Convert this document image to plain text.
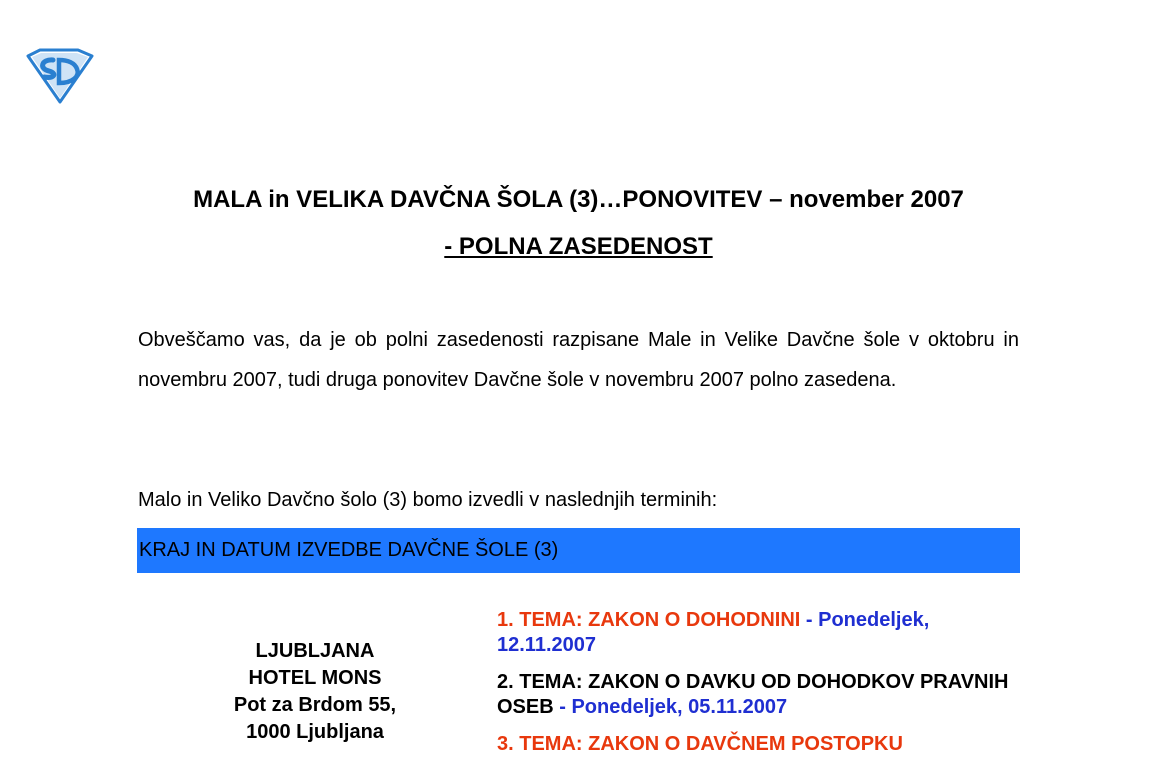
MALA in VELIKA DAVČNA ŠOLA (3)…PONOVITEV – november 2007
- POLNA ZASEDENOST
Obveščamo vas, da je ob polni zasedenosti razpisane Male in Velike Davčne šole v oktobru in novembru 2007, tudi druga ponovitev Davčne šole v novembru 2007 polno zasedena.
Malo in Veliko Davčno šolo (3) bomo izvedli v naslednjih terminih:
KRAJ IN DATUM IZVEDBE DAVČNE ŠOLE (3)
LJUBLJANA
HOTEL MONS
Pot za Brdom 55,
1000 Ljubljana
1. TEMA: ZAKON O DOHODNINI - Ponedeljek, 12.11.2007
2. TEMA: ZAKON O DAVKU OD DOHODKOV PRAVNIH OSEB - Ponedeljek, 05.11.2007
3. TEMA: ZAKON O DAVČNEM POSTOPKU
